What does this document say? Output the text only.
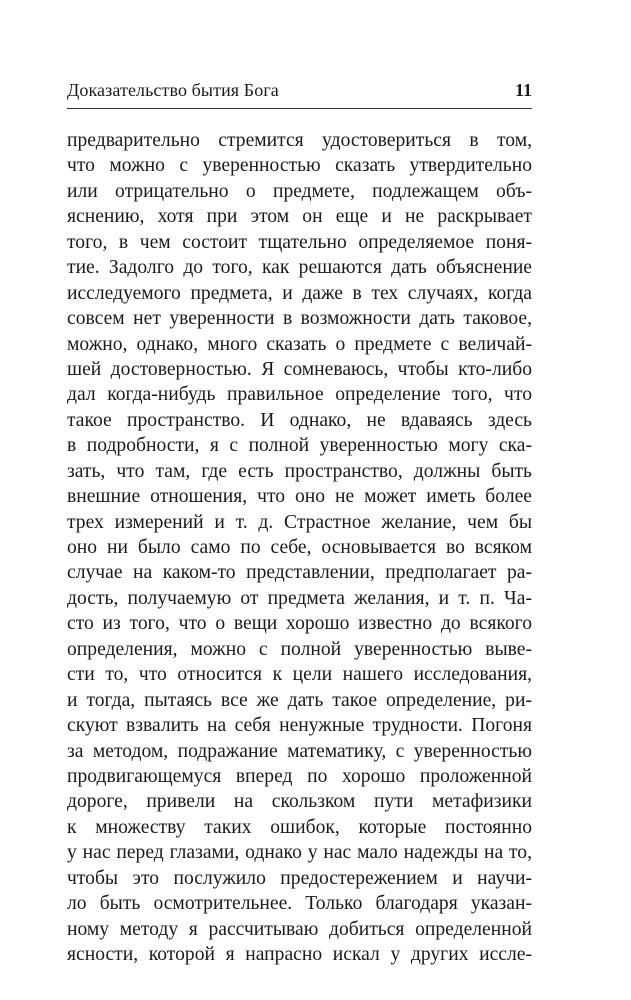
Доказательство бытия Бога	11
предварительно стремится удостовериться в том,
что можно с уверенностью сказать утвердительно
или отрицательно о предмете, подлежащем объ-
яснению, хотя при этом он еще и не раскрывает
того, в чем состоит тщательно определяемое поня-
тие. Задолго до того, как решаются дать объяснение
исследуемого предмета, и даже в тех случаях, когда
совсем нет уверенности в возможности дать таковое,
можно, однако, много сказать о предмете с величай-
шей достоверностью. Я сомневаюсь, чтобы кто-либо
дал когда-нибудь правильное определение того, что
такое пространство. И однако, не вдаваясь здесь
в подробности, я с полной уверенностью могу ска-
зать, что там, где есть пространство, должны быть
внешние отношения, что оно не может иметь более
трех измерений и т. д. Страстное желание, чем бы
оно ни было само по себе, основывается во всяком
случае на каком-то представлении, предполагает ра-
дость, получаемую от предмета желания, и т. п. Ча-
сто из того, что о вещи хорошо известно до всякого
определения, можно с полной уверенностью выве-
сти то, что относится к цели нашего исследования,
и тогда, пытаясь все же дать такое определение, ри-
скуют взвалить на себя ненужные трудности. Погоня
за методом, подражание математику, с уверенностью
продвигающемуся вперед по хорошо проложенной
дороге, привели на скользком пути метафизики
к множеству таких ошибок, которые постоянно
у нас перед глазами, однако у нас мало надежды на то,
чтобы это послужило предостережением и научи-
ло быть осмотрительнее. Только благодаря указан-
ному методу я рассчитываю добиться определенной
ясности, которой я напрасно искал у других иссле-
